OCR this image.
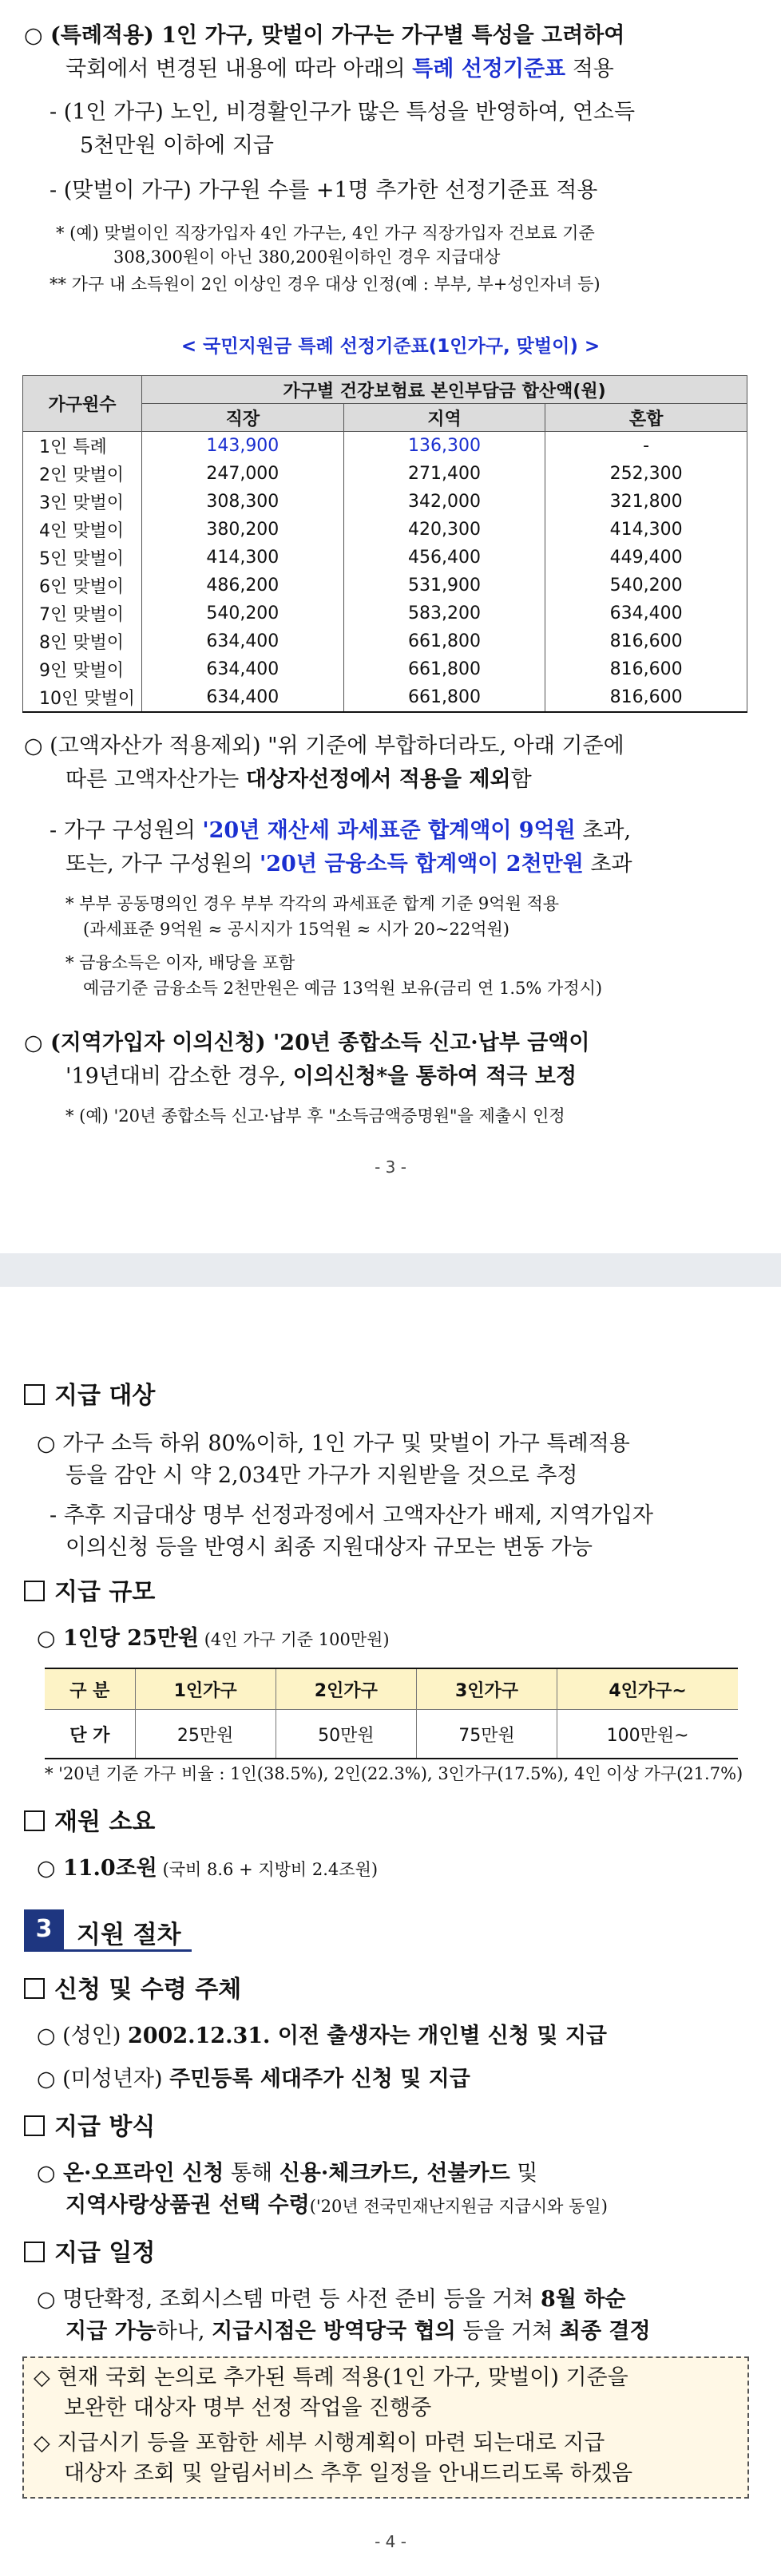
○ (특례적용) 1인 가구, 맞벌이 가구는 가구별 특성을 고려하여
국회에서 변경된 내용에 따라 아래의 특례 선정기준표 적용
- (1인 가구) 노인, 비경활인구가 많은 특성을 반영하여, 연소득
5천만원 이하에 지급
- (맞벌이 가구) 가구원 수를 +1명 추가한 선정기준표 적용
* (예) 맞벌이인 직장가입자 4인 가구는, 4인 가구 직장가입자 건보료 기준
308,300원이 아닌 380,200원이하인 경우 지급대상
** 가구 내 소득원이 2인 이상인 경우 대상 인정(예 : 부부, 부+성인자녀 등)
< 국민지원금 특례 선정기준표(1인가구, 맞벌이) >
가구원수	가구별 건강보험료 본인부담금 합산액(원)		
	직장	지역	혼합
1인 특례	143,900	136,300	-
2인 맞벌이	247,000	271,400	252,300
3인 맞벌이	308,300	342,000	321,800
4인 맞벌이	380,200	420,300	414,300
5인 맞벌이	414,300	456,400	449,400
6인 맞벌이	486,200	531,900	540,200
7인 맞벌이	540,200	583,200	634,400
8인 맞벌이	634,400	661,800	816,600
9인 맞벌이	634,400	661,800	816,600
10인 맞벌이	634,400	661,800	816,600
○ (고액자산가 적용제외) "위 기준에 부합하더라도, 아래 기준에
따른 고액자산가는 대상자선정에서 적용을 제외함
- 가구 구성원의 '20년 재산세 과세표준 합계액이 9억원 초과,
또는, 가구 구성원의 '20년 금융소득 합계액이 2천만원 초과
* 부부 공동명의인 경우 부부 각각의 과세표준 합계 기준 9억원 적용
(과세표준 9억원 ≈ 공시지가 15억원 ≈ 시가 20~22억원)
* 금융소득은 이자, 배당을 포함
예금기준 금융소득 2천만원은 예금 13억원 보유(금리 연 1.5% 가정시)
○ (지역가입자 이의신청) '20년 종합소득 신고·납부 금액이
'19년대비 감소한 경우, 이의신청*을 통하여 적극 보정
* (예) '20년 종합소득 신고·납부 후 "소득금액증명원"을 제출시 인정
- 3 -
지급 대상
○ 가구 소득 하위 80%이하, 1인 가구 및 맞벌이 가구 특례적용
등을 감안 시 약 2,034만 가구가 지원받을 것으로 추정
- 추후 지급대상 명부 선정과정에서 고액자산가 배제, 지역가입자
이의신청 등을 반영시 최종 지원대상자 규모는 변동 가능
지급 규모
○ 1인당 25만원 (4인 가구 기준 100만원)
구 분	1인가구	2인가구	3인가구	4인가구~
단 가	25만원	50만원	75만원	100만원~
* '20년 기준 가구 비율 : 1인(38.5%), 2인(22.3%), 3인가구(17.5%), 4인 이상 가구(21.7%)
재원 소요
○ 11.0조원 (국비 8.6 + 지방비 2.4조원)
3 지원 절차
신청 및 수령 주체
○ (성인) 2002.12.31. 이전 출생자는 개인별 신청 및 지급
○ (미성년자) 주민등록 세대주가 신청 및 지급
지급 방식
○ 온·오프라인 신청 통해 신용·체크카드, 선불카드 및
지역사랑상품권 선택 수령('20년 전국민재난지원금 지급시와 동일)
지급 일정
○ 명단확정, 조회시스템 마련 등 사전 준비 등을 거쳐 8월 하순
지급 가능하나, 지급시점은 방역당국 협의 등을 거쳐 최종 결정
◇ 현재 국회 논의로 추가된 특례 적용(1인 가구, 맞벌이) 기준을
보완한 대상자 명부 선정 작업을 진행중
◇ 지급시기 등을 포함한 세부 시행계획이 마련 되는대로 지급
대상자 조회 및 알림서비스 추후 일정을 안내드리도록 하겠음
- 4 -
